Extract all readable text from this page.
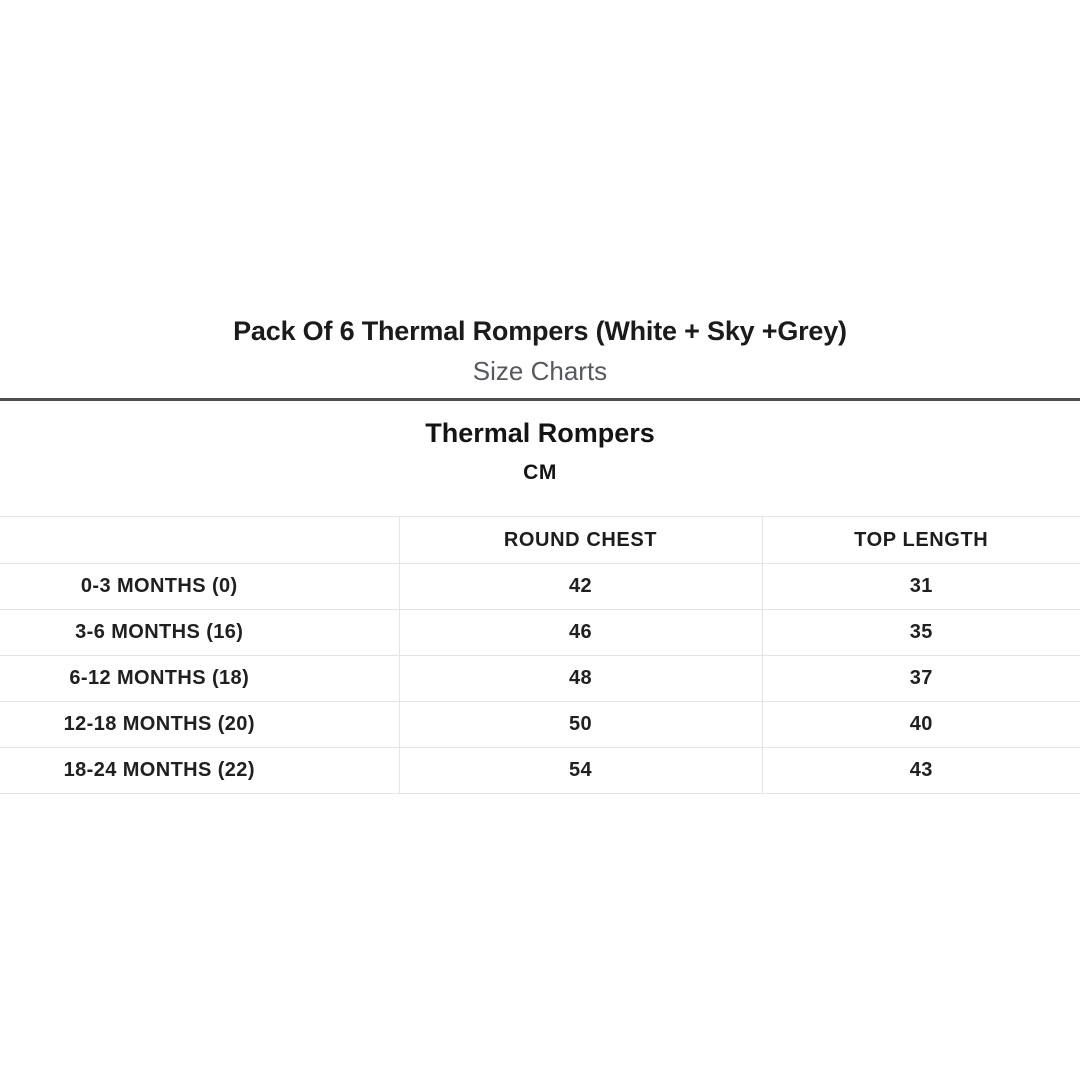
Pack Of 6 Thermal Rompers (White + Sky +Grey)
Size Charts
Thermal Rompers
CM
	ROUND CHEST	TOP LENGTH
0-3 MONTHS (0)	42	31
3-6 MONTHS (16)	46	35
6-12 MONTHS (18)	48	37
12-18 MONTHS (20)	50	40
18-24 MONTHS (22)	54	43
